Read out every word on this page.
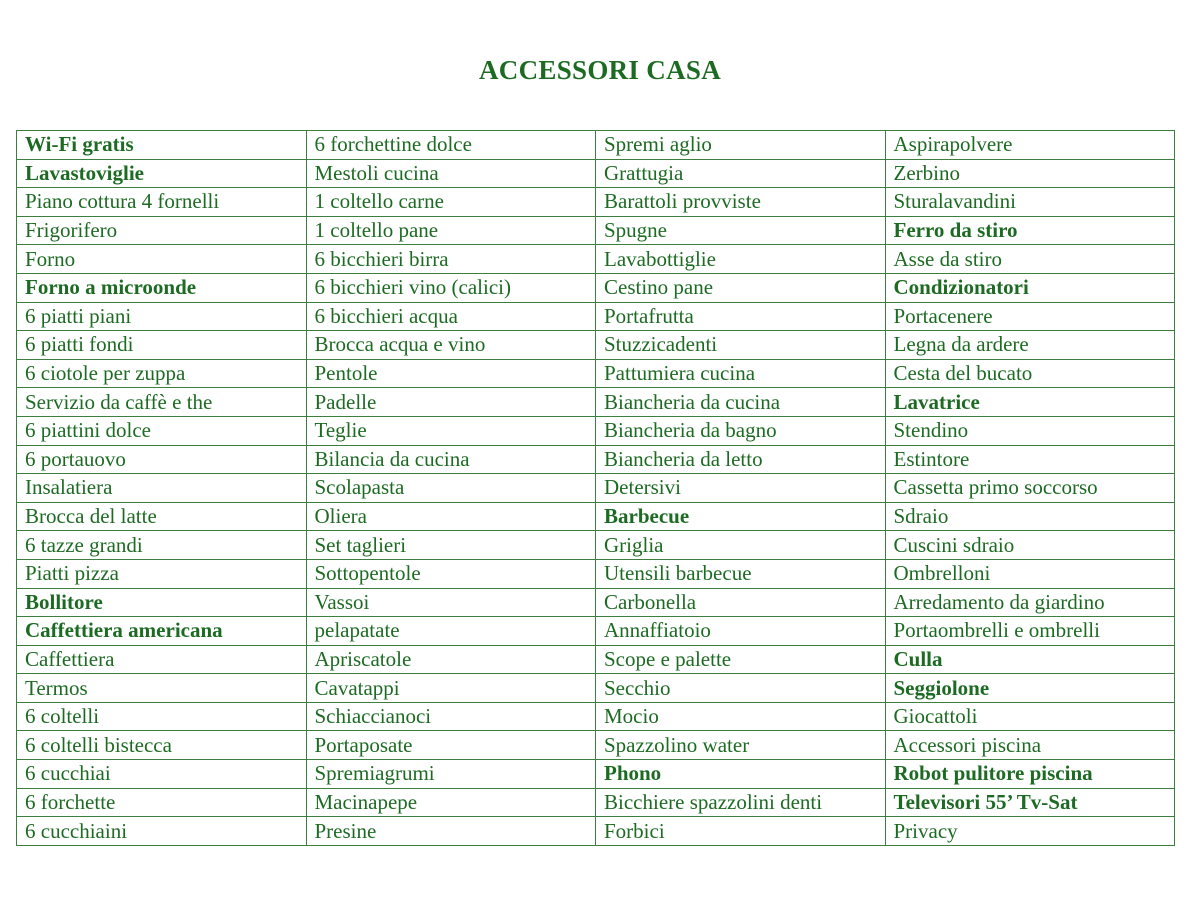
ACCESSORI CASA
Wi-Fi gratis	6 forchettine dolce	Spremi aglio	Aspirapolvere
Lavastoviglie	Mestoli cucina	Grattugia	Zerbino
Piano cottura 4 fornelli	1 coltello carne	Barattoli provviste	Sturalavandini
Frigorifero	1 coltello pane	Spugne	Ferro da stiro
Forno	6 bicchieri birra	Lavabottiglie	Asse da stiro
Forno a microonde	6 bicchieri vino (calici)	Cestino pane	Condizionatori
6 piatti piani	6 bicchieri acqua	Portafrutta	Portacenere
6 piatti fondi	Brocca acqua e vino	Stuzzicadenti	Legna da ardere
6 ciotole per zuppa	Pentole	Pattumiera cucina	Cesta del bucato
Servizio da caffè e the	Padelle	Biancheria da cucina	Lavatrice
6 piattini dolce	Teglie	Biancheria da bagno	Stendino
6 portauovo	Bilancia da cucina	Biancheria da letto	Estintore
Insalatiera	Scolapasta	Detersivi	Cassetta primo soccorso
Brocca del latte	Oliera	Barbecue	Sdraio
6 tazze grandi	Set taglieri	Griglia	Cuscini sdraio
Piatti pizza	Sottopentole	Utensili barbecue	Ombrelloni
Bollitore	Vassoi	Carbonella	Arredamento da giardino
Caffettiera americana	pelapatate	Annaffiatoio	Portaombrelli e ombrelli
Caffettiera	Apriscatole	Scope e palette	Culla
Termos	Cavatappi	Secchio	Seggiolone
6 coltelli	Schiaccianoci	Mocio	Giocattoli
6 coltelli bistecca	Portaposate	Spazzolino water	Accessori piscina
6 cucchiai	Spremiagrumi	Phono	Robot pulitore piscina
6 forchette	Macinapepe	Bicchiere spazzolini denti	Televisori 55’ Tv-Sat
6 cucchiaini	Presine	Forbici	Privacy
